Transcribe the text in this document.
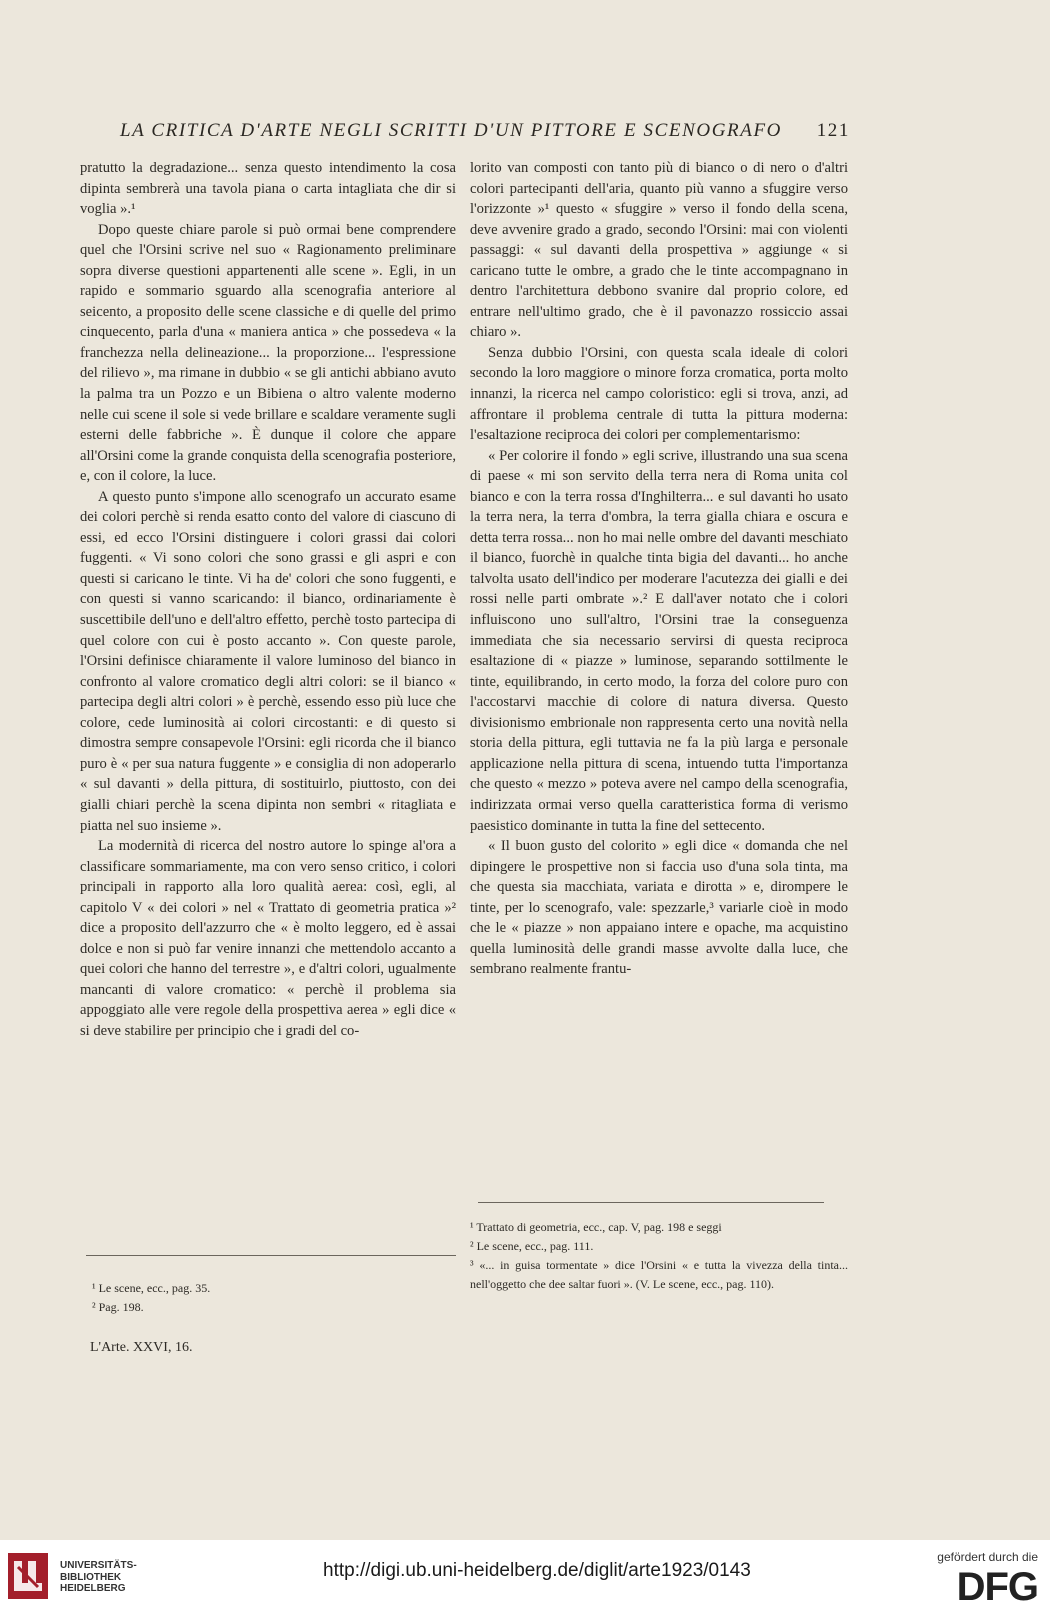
LA CRITICA D'ARTE NEGLI SCRITTI D'UN PITTORE E SCENOGRAFO 121

pratutto la degradazione... senza questo intendimento la cosa dipinta sembrerà una tavola piana o carta intagliata che dir si voglia ».¹

Dopo queste chiare parole si può ormai bene comprendere quel che l'Orsini scrive nel suo « Ragionamento preliminare sopra diverse questioni appartenenti alle scene ». Egli, in un rapido e sommario sguardo alla scenografia anteriore al seicento, a proposito delle scene classiche e di quelle del primo cinquecento, parla d'una « maniera antica » che possedeva « la franchezza nella delineazione... la proporzione... l'espressione del rilievo », ma rimane in dubbio « se gli antichi abbiano avuto la palma tra un Pozzo e un Bibiena o altro valente moderno nelle cui scene il sole si vede brillare e scaldare veramente sugli esterni delle fabbriche ». È dunque il colore che appare all'Orsini come la grande conquista della scenografia posteriore, e, con il colore, la luce.

A questo punto s'impone allo scenografo un accurato esame dei colori perchè si renda esatto conto del valore di ciascuno di essi, ed ecco l'Orsini distinguere i colori grassi dai colori fuggenti. « Vi sono colori che sono grassi e gli aspri e con questi si caricano le tinte. Vi ha de' colori che sono fuggenti, e con questi si vanno scaricando: il bianco, ordinariamente è suscettibile dell'uno e dell'altro effetto, perchè tosto partecipa di quel colore con cui è posto accanto ». Con queste parole, l'Orsini definisce chiaramente il valore luminoso del bianco in confronto al valore cromatico degli altri colori: se il bianco « partecipa degli altri colori » è perchè, essendo esso più luce che colore, cede luminosità ai colori circostanti: e di questo si dimostra sempre consapevole l'Orsini: egli ricorda che il bianco puro è « per sua natura fuggente » e consiglia di non adoperarlo « sul davanti » della pittura, di sostituirlo, piuttosto, con dei gialli chiari perchè la scena dipinta non sembri « ritagliata e piatta nel suo insieme ».

La modernità di ricerca del nostro autore lo spinge al'ora a classificare sommariamente, ma con vero senso critico, i colori principali in rapporto alla loro qualità aerea: così, egli, al capitolo V « dei colori » nel « Trattato di geometria pratica »² dice a proposito dell'azzurro che « è molto leggero, ed è assai dolce e non si può far venire innanzi che mettendolo accanto a quei colori che hanno del terrestre », e d'altri colori, ugualmente mancanti di valore cromatico: « perchè il problema sia appoggiato alle vere regole della prospettiva aerea » egli dice « si deve stabilire per principio che i gradi del co-

lorito van composti con tanto più di bianco o di nero o d'altri colori partecipanti dell'aria, quanto più vanno a sfuggire verso l'orizzonte »¹ questo « sfuggire » verso il fondo della scena, deve avvenire grado a grado, secondo l'Orsini: mai con violenti passaggi: « sul davanti della prospettiva » aggiunge « si caricano tutte le ombre, a grado che le tinte accompagnano in dentro l'architettura debbono svanire dal proprio colore, ed entrare nell'ultimo grado, che è il pavonazzo rossiccio assai chiaro ».

Senza dubbio l'Orsini, con questa scala ideale di colori secondo la loro maggiore o minore forza cromatica, porta molto innanzi, la ricerca nel campo coloristico: egli si trova, anzi, ad affrontare il problema centrale di tutta la pittura moderna: l'esaltazione reciproca dei colori per complementarismo:

« Per colorire il fondo » egli scrive, illustrando una sua scena di paese « mi son servito della terra nera di Roma unita col bianco e con la terra rossa d'Inghilterra... e sul davanti ho usato la terra nera, la terra d'ombra, la terra gialla chiara e oscura e detta terra rossa... non ho mai nelle ombre del davanti meschiato il bianco, fuorchè in qualche tinta bigia del davanti... ho anche talvolta usato dell'indico per moderare l'acutezza dei gialli e dei rossi nelle parti ombrate ».² E dall'aver notato che i colori influiscono uno sull'altro, l'Orsini trae la conseguenza immediata che sia necessario servirsi di questa reciproca esaltazione di « piazze » luminose, separando sottilmente le tinte, equilibrando, in certo modo, la forza del colore puro con l'accostarvi macchie di colore di natura diversa. Questo divisionismo embrionale non rappresenta certo una novità nella storia della pittura, egli tuttavia ne fa la più larga e personale applicazione nella pittura di scena, intuendo tutta l'importanza che questo « mezzo » poteva avere nel campo della scenografia, indirizzata ormai verso quella caratteristica forma di verismo paesistico dominante in tutta la fine del settecento.

« Il buon gusto del colorito » egli dice « domanda che nel dipingere le prospettive non si faccia uso d'una sola tinta, ma che questa sia macchiata, variata e dirotta » e, dirompere le tinte, per lo scenografo, vale: spezzarle,³ variarle cioè in modo che le « piazze » non appaiano intere e opache, ma acquistino quella luminosità delle grandi masse avvolte dalla luce, che sembrano realmente frantu-

¹ Trattato di geometria, ecc., cap. V, pag. 198 e seggi

² Le scene, ecc., pag. 111.

³ «... in guisa tormentate » dice l'Orsini « e tutta la vivezza della tinta... nell'oggetto che dee saltar fuori ». (V. Le scene, ecc., pag. 110).

¹ Le scene, ecc., pag. 35.

² Pag. 198.

L'Arte. XXVI, 16.
UNIVERSITÄTS-
BIBLIOTHEK
HEIDELBERG
http://digi.ub.uni-heidelberg.de/diglit/arte1923/0143
gefördert durch die
DFG
